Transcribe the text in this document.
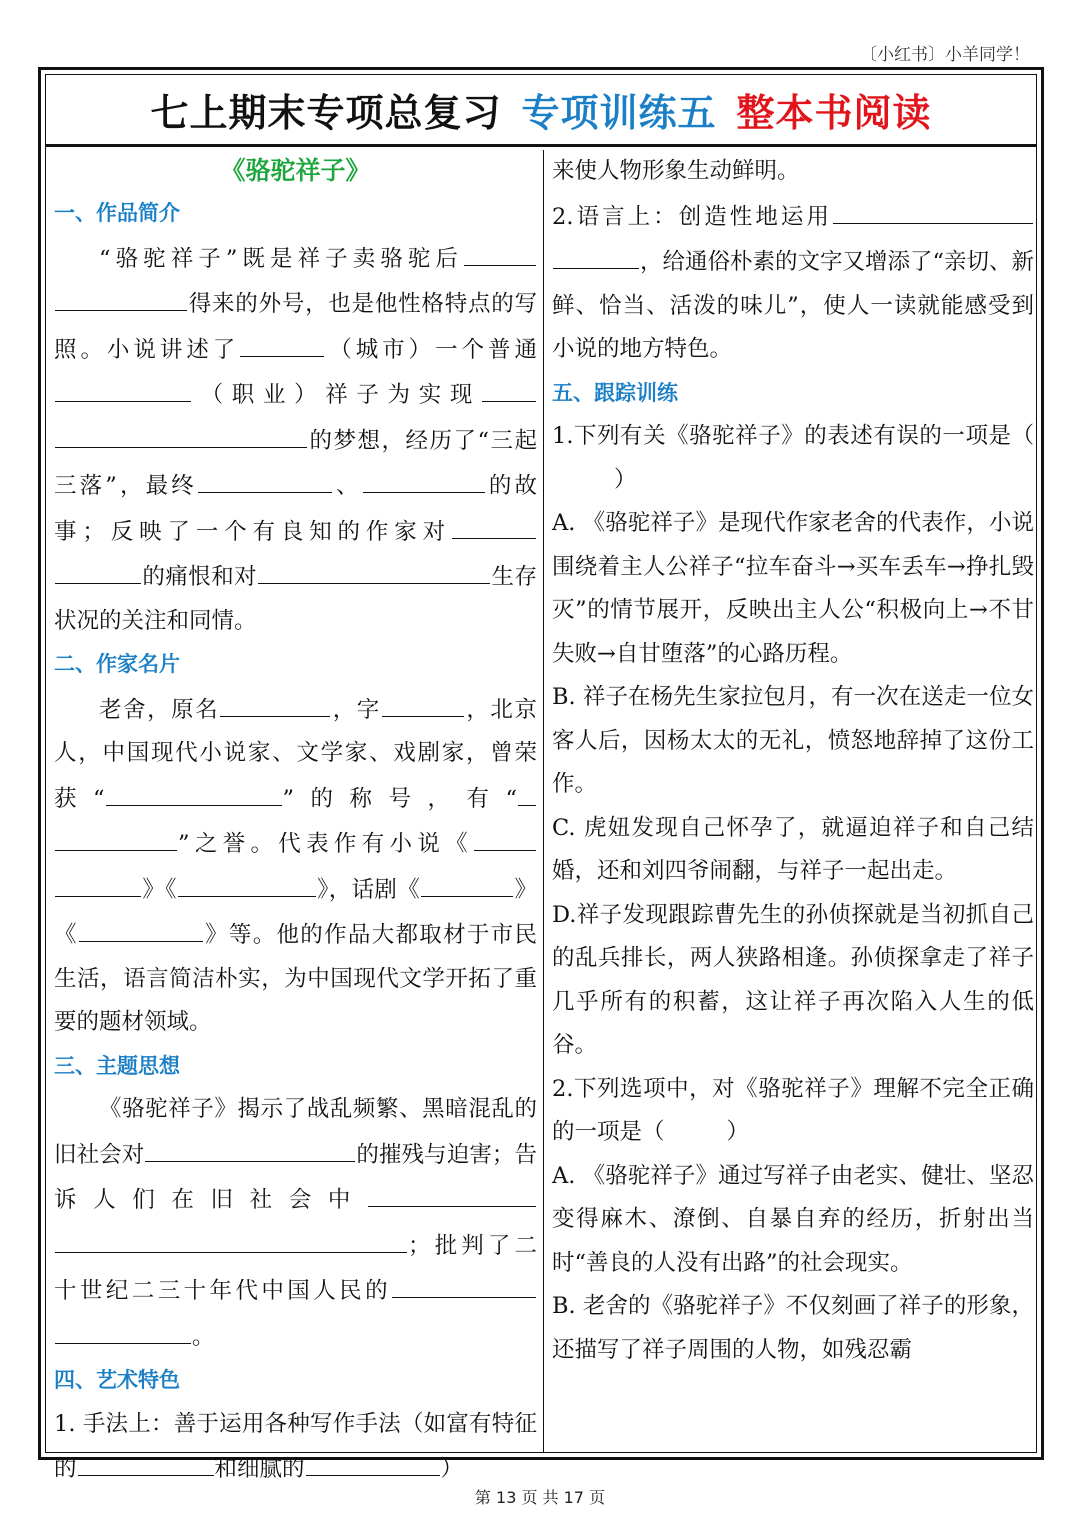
〔小红书〕小羊同学！
七上期末专项总复习 专项训练五 整本书阅读
《骆驼祥子》
一、作品简介

“骆驼祥子”既是祥子卖骆驼后得来的外号，也是他性格特点的写照。小说讲述了	（城市）一个普通（职业）祥子为实现的梦想，经历了“三起三落”，最终	、	的故事；反映了一个有良知的作家对的痛恨和对	生存状况的关注和同情。

二、作家名片

老舍，原名	，字	，北京人，中国现代小说家、文学家、戏剧家，曾荣获“	”的称号，有“”之誉。代表作有小说《》《	》，话剧《	》《	》等。他的作品大都取材于市民生活，语言简洁朴实，为中国现代文学开拓了重要的题材领域。

三、主题思想

《骆驼祥子》揭示了战乱频繁、黑暗混乱的旧社会对	的摧残与迫害；告诉人们在旧社会中；批判了二十世纪二三十年代中国人民的。

四、艺术特色

1. 手法上：善于运用各种写作手法（如富有特征的	和细腻的	）

来使人物形象生动鲜明。

2.语言上：创造性地运用，给通俗朴素的文字又增添了“亲切、新鲜、恰当、活泼的味儿”，使人一读就能感受到小说的地方特色。

五、跟踪训练

1.下列有关《骆驼祥子》的表述有误的一项是（）

A. 《骆驼祥子》是现代作家老舍的代表作，小说围绕着主人公祥子“拉车奋斗→买车丢车→挣扎毁灭”的情节展开，反映出主人公“积极向上→不甘失败→自甘堕落”的心路历程。

B. 祥子在杨先生家拉包月，有一次在送走一位女客人后，因杨太太的无礼，愤怒地辞掉了这份工作。

C. 虎妞发现自己怀孕了，就逼迫祥子和自己结婚，还和刘四爷闹翻，与祥子一起出走。

D.祥子发现跟踪曹先生的孙侦探就是当初抓自己的乱兵排长，两人狭路相逢。孙侦探拿走了祥子几乎所有的积蓄，这让祥子再次陷入人生的低谷。

2.下列选项中，对《骆驼祥子》理解不完全正确的一项是（	）

A. 《骆驼祥子》通过写祥子由老实、健壮、坚忍变得麻木、潦倒、自暴自弃的经历，折射出当时“善良的人没有出路”的社会现实。

B. 老舍的《骆驼祥子》不仅刻画了祥子的形象，还描写了祥子周围的人物，如残忍霸

第 13 页 共 17 页
